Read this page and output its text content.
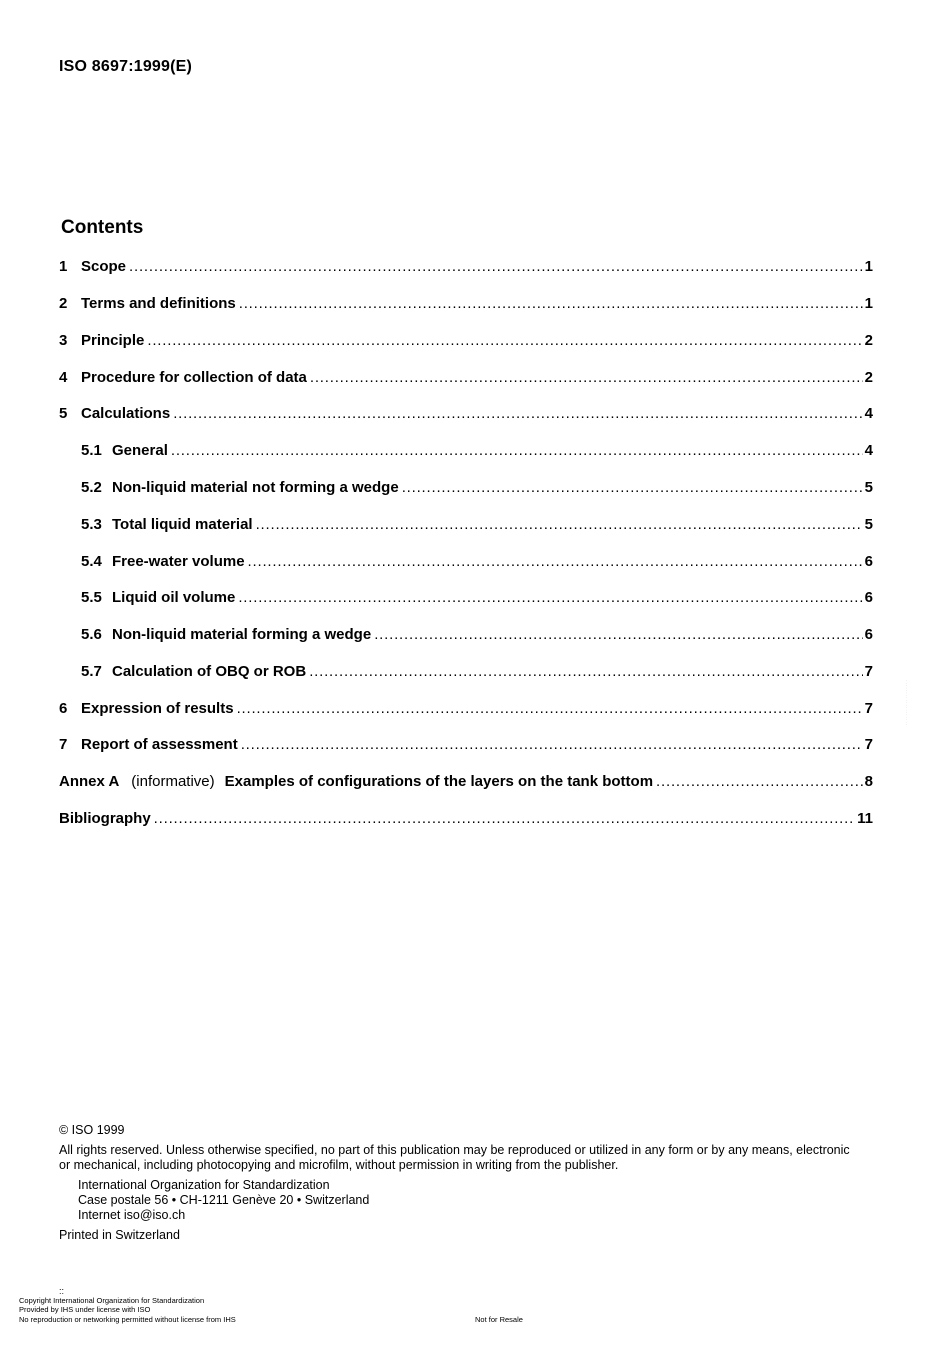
ISO 8697:1999(E)
Contents
1 Scope .....	1
2 Terms and definitions .....	1
3 Principle .....	2
4 Procedure for collection of data .....	2
5 Calculations .....	4
5.1 General .....	4
5.2 Non-liquid material not forming a wedge .....	5
5.3 Total liquid material .....	5
5.4 Free-water volume .....	6
5.5 Liquid oil volume .....	6
5.6 Non-liquid material forming a wedge .....	6
5.7 Calculation of OBQ or ROB .....	7
6 Expression of results .....	7
7 Report of assessment .....	7
Annex A (informative) Examples of configurations of the layers on the tank bottom .....	8
Bibliography .....	11
· · · · · · · · · · · · · · · · · · ·
© ISO 1999
All rights reserved. Unless otherwise specified, no part of this publication may be reproduced or utilized in any form or by any means, electronic
or mechanical, including photocopying and microfilm, without permission in writing from the publisher.
International Organization for Standardization
Case postale 56 • CH-1211 Genève 20 • Switzerland
Internet iso@iso.ch
Printed in Switzerland
::
Copyright International Organization for Standardization
Provided by IHS under license with ISO
No reproduction or networking permitted without license from IHS	Not for Resale
